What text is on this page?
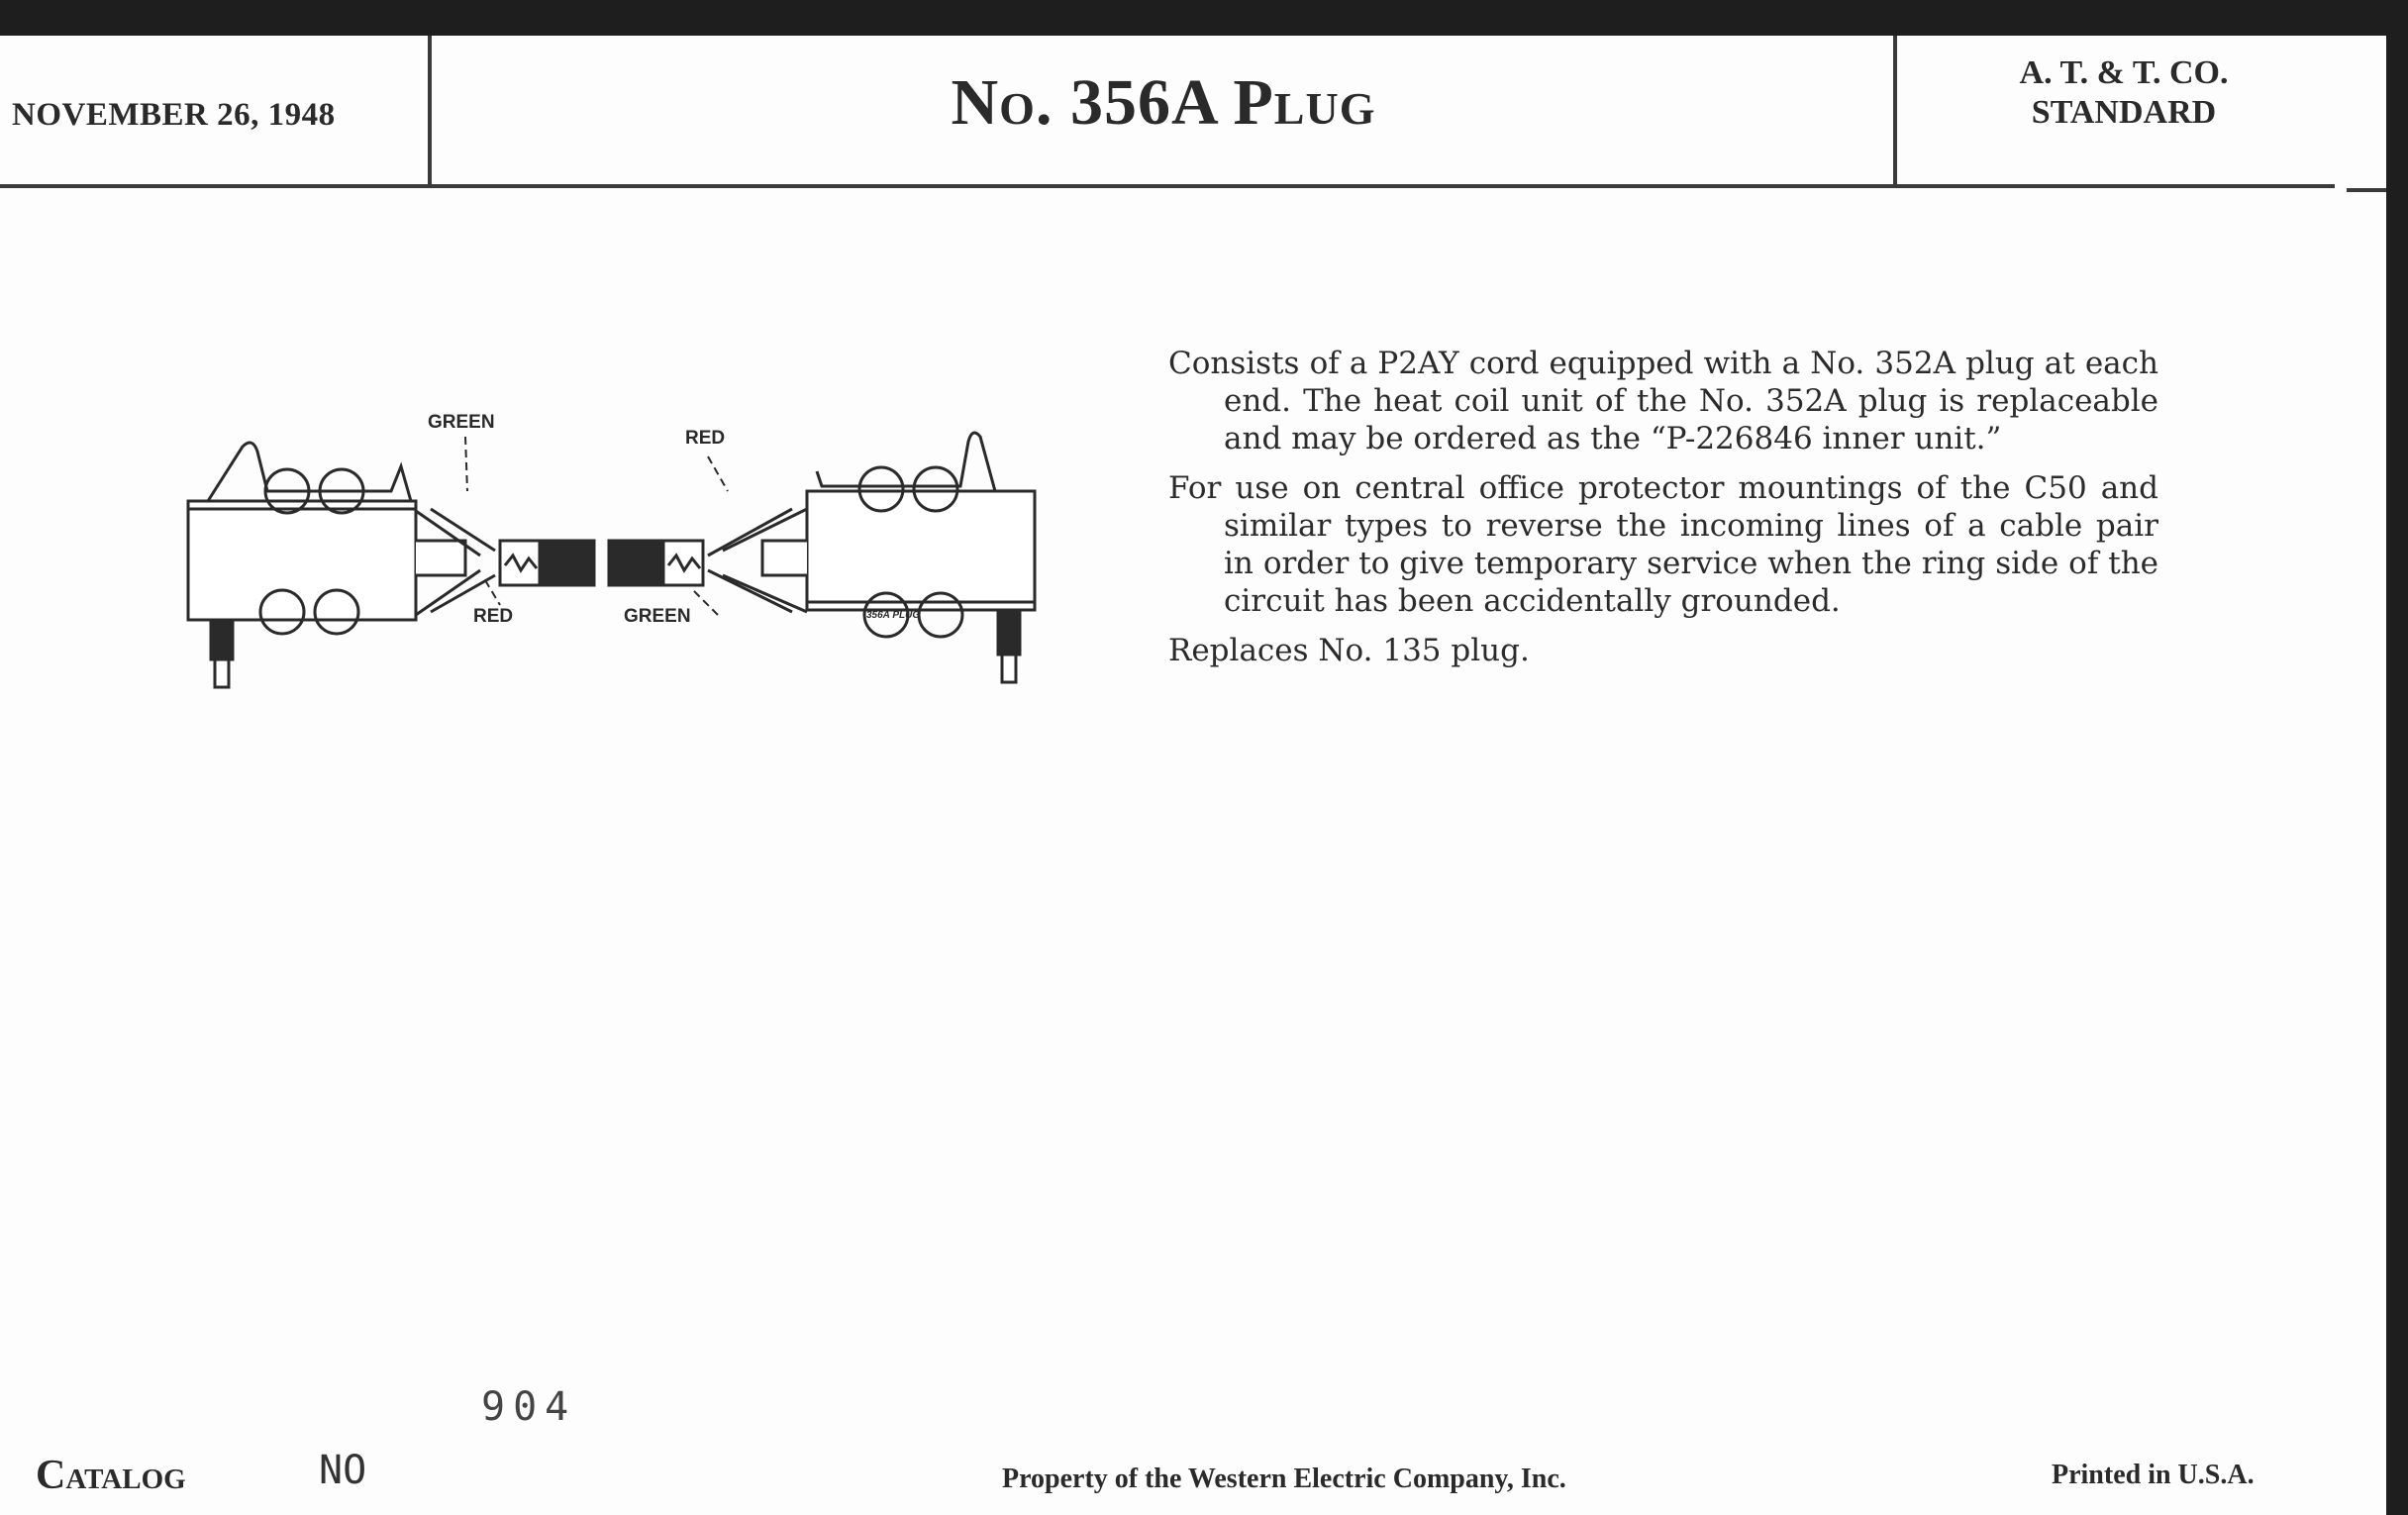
NOVEMBER 26, 1948	No. 356A Plug	A. T. & T. CO.
STANDARD
GREEN
RED
RED
GREEN	356A PLUG

Consists of a P2AY cord equipped with a No. 352A plug at each end. The heat coil unit of the No. 352A plug is replaceable and may be ordered as the “P-226846 inner unit.”

For use on central office protector mountings of the C50 and similar types to reverse the incoming lines of a cable pair in order to give temporary service when the ring side of the circuit has been accidentally grounded.

Replaces No. 135 plug.

Catalog	NO
904
Property of the Western Electric Company, Inc.	Printed in U.S.A.
